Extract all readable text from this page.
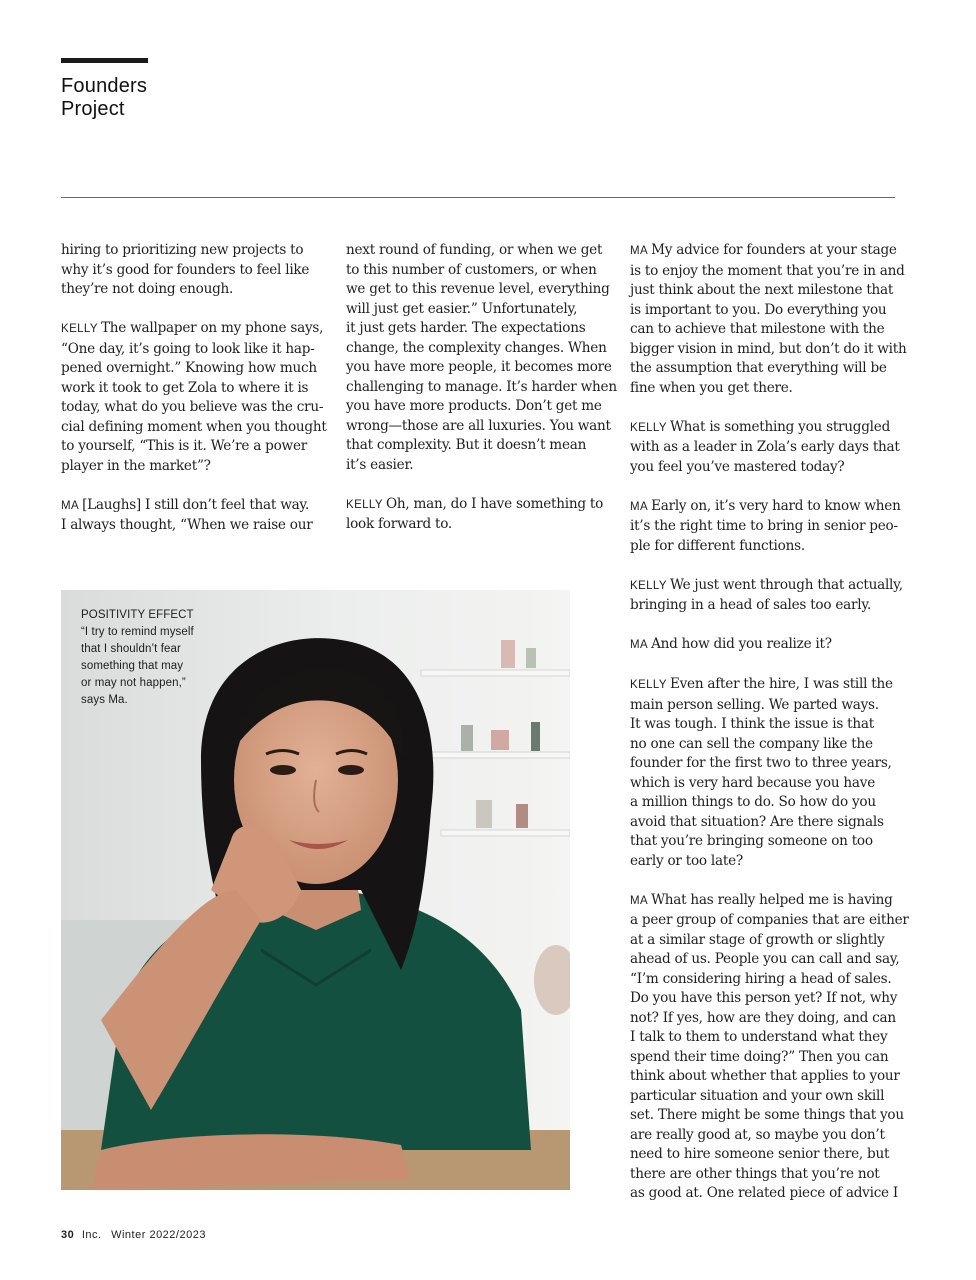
Founders
Project

hiring to prioritizing new projects to
why it’s good for founders to feel like
they’re not doing enough.

KELLY The wallpaper on my phone says,
“One day, it’s going to look like it hap-
pened overnight.” Knowing how much
work it took to get Zola to where it is
today, what do you believe was the cru-
cial defining moment when you thought
to yourself, “This is it. We’re a power
player in the market”?

MA [Laughs] I still don’t feel that way.
I always thought, “When we raise our

next round of funding, or when we get
to this number of customers, or when
we get to this revenue level, everything
will just get easier.” Unfortunately,
it just gets harder. The expectations
change, the complexity changes. When
you have more people, it becomes more
challenging to manage. It’s harder when
you have more products. Don’t get me
wrong—those are all luxuries. You want
that complexity. But it doesn’t mean
it’s easier.

KELLY Oh, man, do I have something to
look forward to.

MA My advice for founders at your stage
is to enjoy the moment that you’re in and
just think about the next milestone that
is important to you. Do everything you
can to achieve that milestone with the
bigger vision in mind, but don’t do it with
the assumption that everything will be
fine when you get there.

KELLY What is something you struggled
with as a leader in Zola’s early days that
you feel you’ve mastered today?

MA Early on, it’s very hard to know when
it’s the right time to bring in senior peo-
ple for different functions.

KELLY We just went through that actually,
bringing in a head of sales too early.

MA And how did you realize it?

KELLY Even after the hire, I was still the
main person selling. We parted ways.
It was tough. I think the issue is that
no one can sell the company like the
founder for the first two to three years,
which is very hard because you have
a million things to do. So how do you
avoid that situation? Are there signals
that you’re bringing someone on too
early or too late?

MA What has really helped me is having
a peer group of companies that are either
at a similar stage of growth or slightly
ahead of us. People you can call and say,
“I’m considering hiring a head of sales.
Do you have this person yet? If not, why
not? If yes, how are they doing, and can
I talk to them to understand what they
spend their time doing?” Then you can
think about whether that applies to your
particular situation and your own skill
set. There might be some things that you
are really good at, so maybe you don’t
need to hire someone senior there, but
there are other things that you’re not
as good at. One related piece of advice I

POSITIVITY EFFECT
“I try to remind myself
that I shouldn’t fear
something that may
or may not happen,”
says Ma.
30 Inc. Winter 2022/2023
